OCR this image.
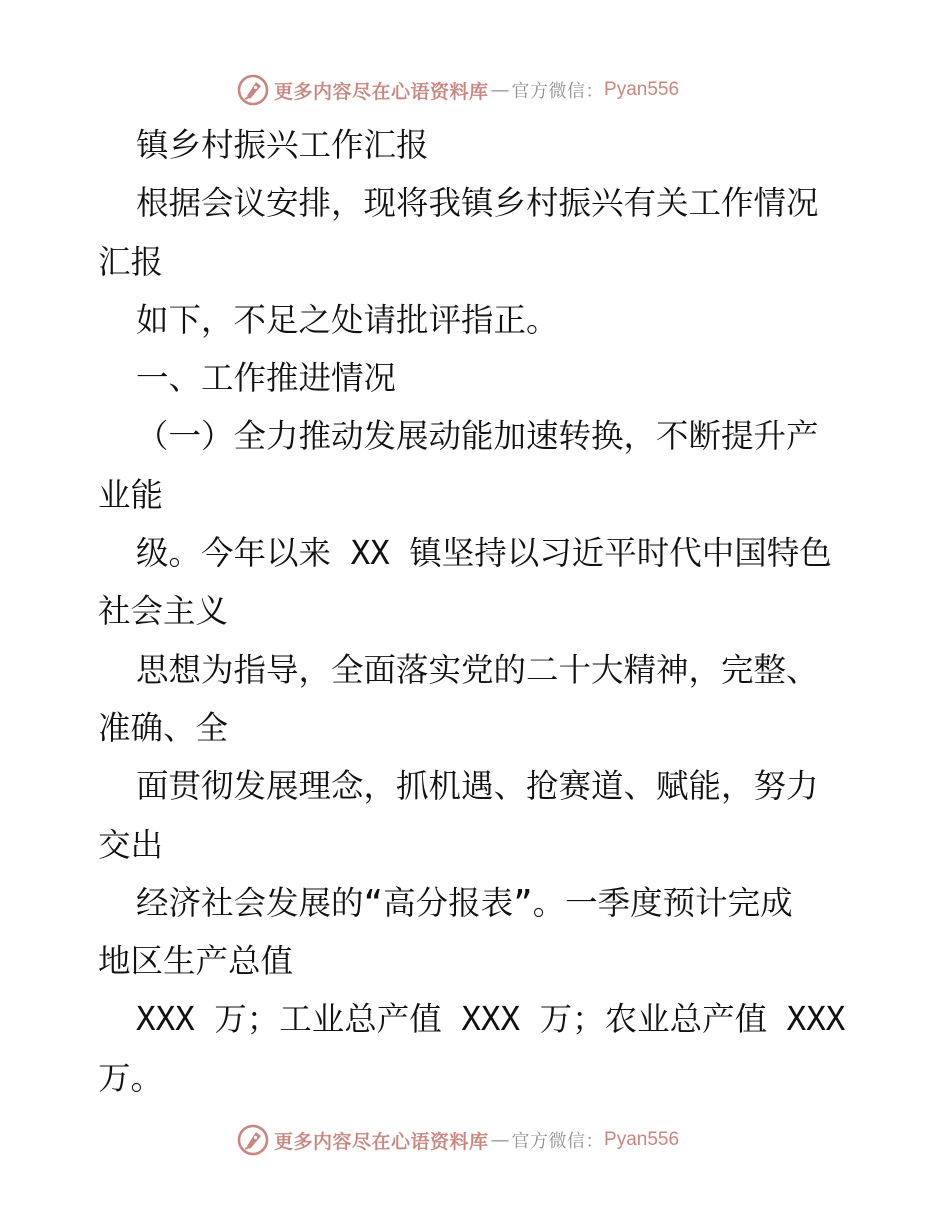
更多内容尽在心语资料库 — 官方微信： Pyan556
镇乡村振兴工作汇报
根据会议安排，现将我镇乡村振兴有关工作情况
汇报
如下，不足之处请批评指正。
一、工作推进情况
（一）全力推动发展动能加速转换，不断提升产
业能
级。今年以来 XX 镇坚持以习近平时代中国特色
社会主义
思想为指导，全面落实党的二十大精神，完整、
准确、全
面贯彻发展理念，抓机遇、抢赛道、赋能，努力
交出
经济社会发展的“高分报表”。一季度预计完成
地区生产总值
XXX 万；工业总产值 XXX 万；农业总产值 XXX
万。
更多内容尽在心语资料库 — 官方微信： Pyan556
